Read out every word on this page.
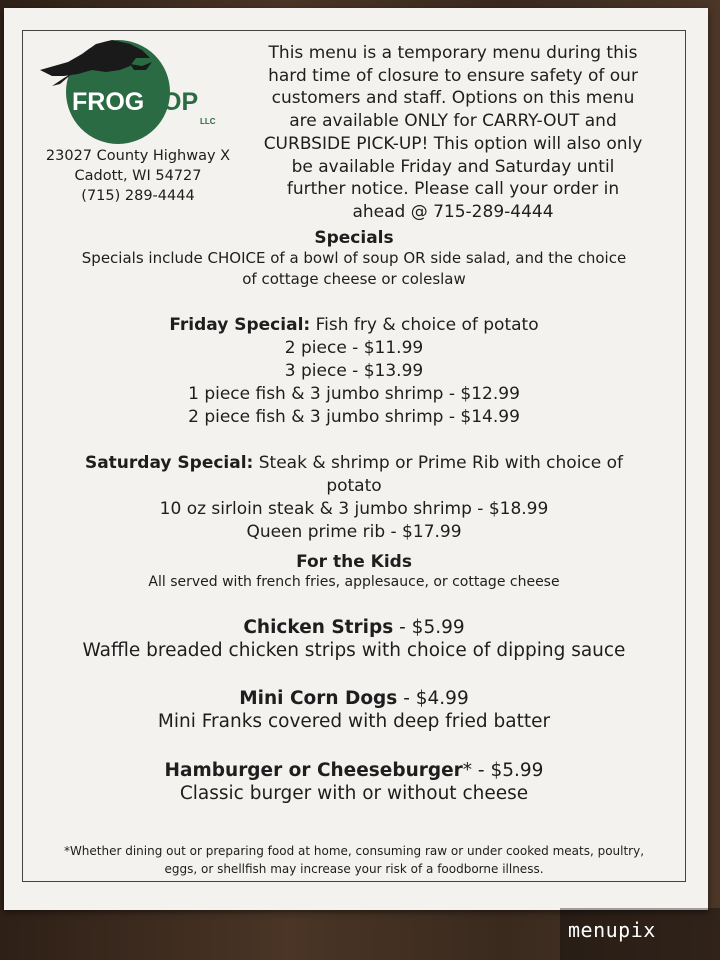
FROG HOP
LLC
23027 County Highway X
Cadott, WI 54727
(715) 289-4444
This menu is a temporary menu during this
hard time of closure to ensure safety of our
customers and staff. Options on this menu
are available ONLY for CARRY-OUT and
CURBSIDE PICK-UP! This option will also only
be available Friday and Saturday until
further notice. Please call your order in
ahead @ 715-289-4444
Specials
Specials include CHOICE of a bowl of soup OR side salad, and the choice
of cottage cheese or coleslaw
Friday Special: Fish fry & choice of potato
2 piece - $11.99
3 piece - $13.99
1 piece fish & 3 jumbo shrimp - $12.99
2 piece fish & 3 jumbo shrimp - $14.99
Saturday Special: Steak & shrimp or Prime Rib with choice of
potato
10 oz sirloin steak & 3 jumbo shrimp - $18.99
Queen prime rib - $17.99
For the Kids
All served with french fries, applesauce, or cottage cheese
Chicken Strips - $5.99
Waffle breaded chicken strips with choice of dipping sauce
Mini Corn Dogs - $4.99
Mini Franks covered with deep fried batter
Hamburger or Cheeseburger* - $5.99
Classic burger with or without cheese
*Whether dining out or preparing food at home, consuming raw or under cooked meats, poultry,
eggs, or shellfish may increase your risk of a foodborne illness.
menupix
